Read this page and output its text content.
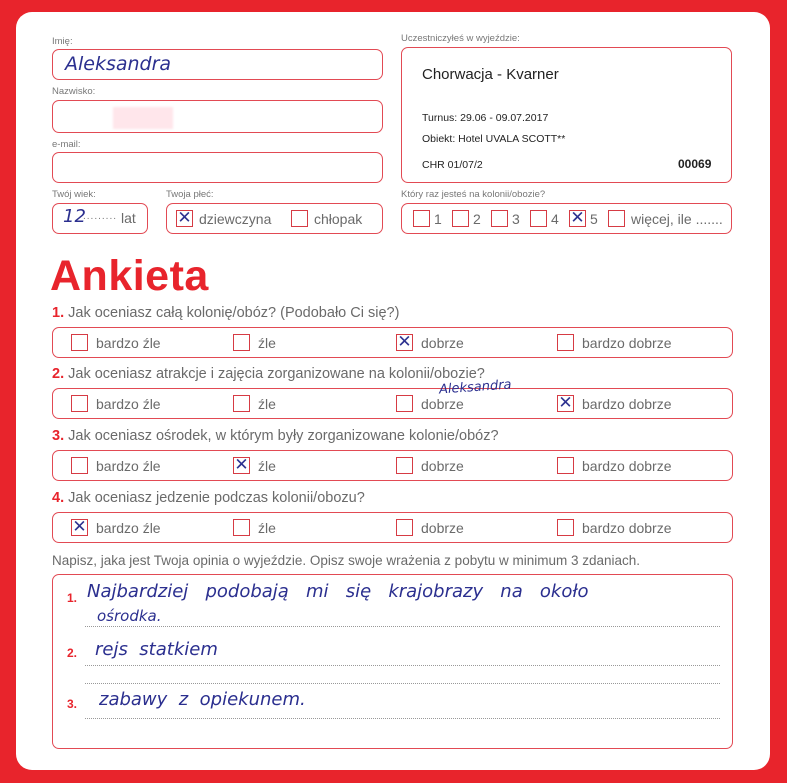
Imię:
Aleksandra
Nazwisko:
e-mail:
Twój wiek:
12
......... lat
Twoja płeć:
✕ dziewczyna	chłopak
Uczestniczyłeś w wyjeździe:
Chorwacja - Kvarner
Turnus: 29.06 - 09.07.2017
Obiekt: Hotel UVALA SCOTT**
CHR 01/07/2	00069
Który raz jesteś na kolonii/obozie?
1 2 3 4 ✕ 5 więcej, ile .......
Ankieta
1. Jak oceniasz całą kolonię/obóz? (Podobało Ci się?)
bardzo źle	źle	✕ dobrze	bardzo dobrze
2. Jak oceniasz atrakcje i zajęcia zorganizowane na kolonii/obozie?
bardzo źle	źle	dobrze	✕ bardzo dobrze
3. Jak oceniasz ośrodek, w którym były zorganizowane kolonie/obóz?
bardzo źle	✕ źle	dobrze	bardzo dobrze
4. Jak oceniasz jedzenie podczas kolonii/obozu?
✕ bardzo źle	źle	dobrze	bardzo dobrze
Aleksandra
Napisz, jaka jest Twoja opinia o wyjeździe. Opisz swoje wrażenia z pobytu w minimum 3 zdaniach.
1. Najbardziej   podobają   mi   się   krajobrazy   na   około
ośrodka.
2. rejs  statkiem
3. zabawy  z  opiekunem.
